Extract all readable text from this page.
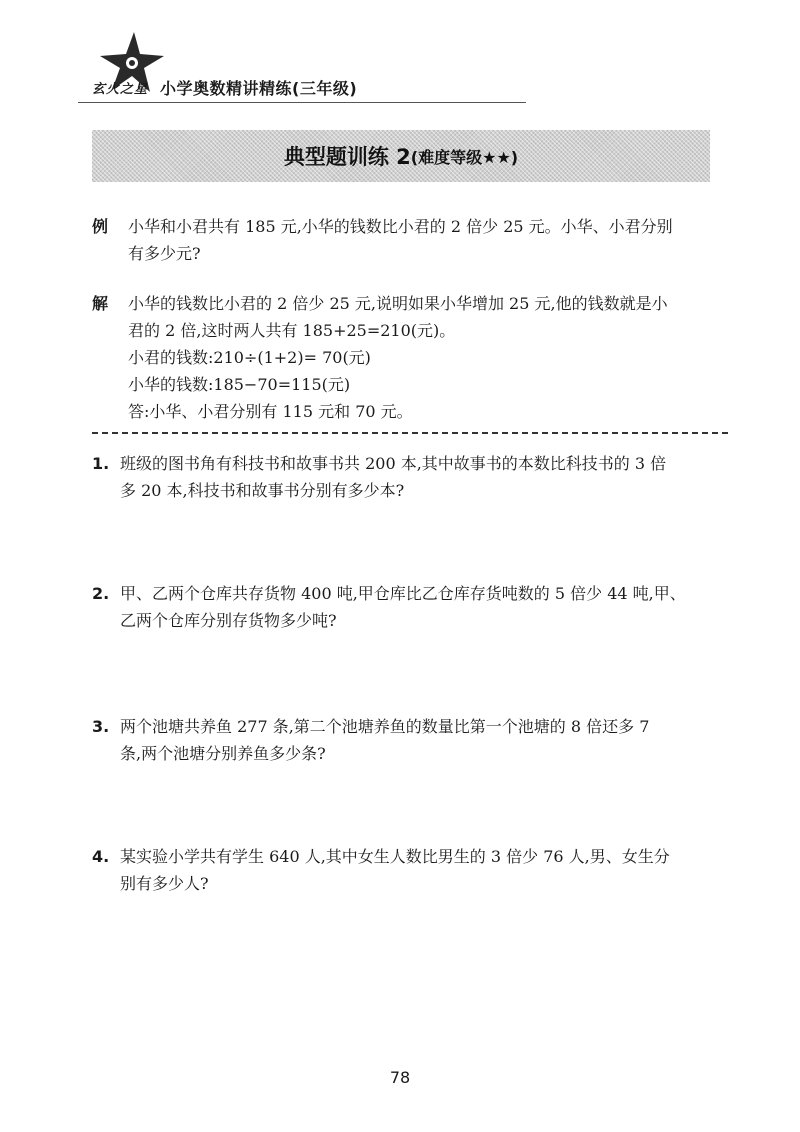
玄火之星 小学奥数精讲精练(三年级)
典型题训练 2 (难度等级★★)
例	小华和小君共有 185 元,小华的钱数比小君的 2 倍少 25 元。小华、小君分别

有多少元?

解	小华的钱数比小君的 2 倍少 25 元,说明如果小华增加 25 元,他的钱数就是小

君的 2 倍,这时两人共有 185+25=210(元)。

小君的钱数:210÷(1+2)= 70(元)

小华的钱数:185−70=115(元)

答:小华、小君分别有 115 元和 70 元。

1. 班级的图书角有科技书和故事书共 200 本,其中故事书的本数比科技书的 3 倍

多 20 本,科技书和故事书分别有多少本?

2. 甲、乙两个仓库共存货物 400 吨,甲仓库比乙仓库存货吨数的 5 倍少 44 吨,甲、

乙两个仓库分别存货物多少吨?

3. 两个池塘共养鱼 277 条,第二个池塘养鱼的数量比第一个池塘的 8 倍还多 7

条,两个池塘分别养鱼多少条?

4. 某实验小学共有学生 640 人,其中女生人数比男生的 3 倍少 76 人,男、女生分

别有多少人?

78
